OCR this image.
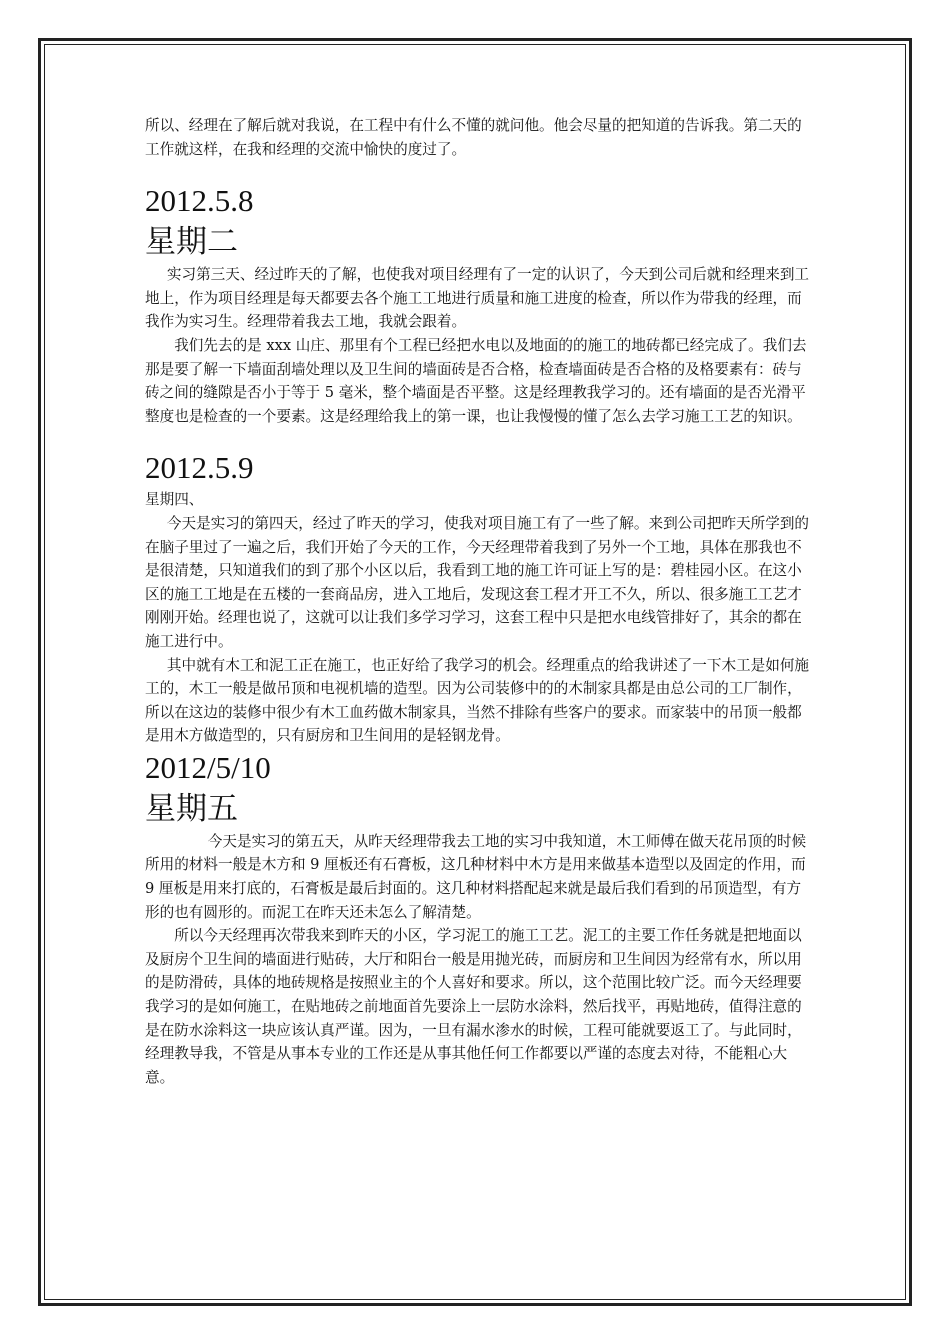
所以、经理在了解后就对我说，在工程中有什么不懂的就问他。他会尽量的把知道的告诉我。第二天的工作就这样，在我和经理的交流中愉快的度过了。

2012.5.8
星期二

实习第三天、经过昨天的了解，也使我对项目经理有了一定的认识了，今天到公司后就和经理来到工地上，作为项目经理是每天都要去各个施工工地进行质量和施工进度的检查，所以作为带我的经理，而我作为实习生。经理带着我去工地，我就会跟着。

我们先去的是 xxx 山庄、那里有个工程已经把水电以及地面的的施工的地砖都已经完成了。我们去那是要了解一下墙面刮墙处理以及卫生间的墙面砖是否合格，检查墙面砖是否合格的及格要素有：砖与砖之间的缝隙是否小于等于 5 毫米，整个墙面是否平整。这是经理教我学习的。还有墙面的是否光滑平整度也是检查的一个要素。这是经理给我上的第一课，也让我慢慢的懂了怎么去学习施工工艺的知识。

2012.5.9

星期四、

今天是实习的第四天，经过了昨天的学习，使我对项目施工有了一些了解。来到公司把昨天所学到的在脑子里过了一遍之后，我们开始了今天的工作，今天经理带着我到了另外一个工地，具体在那我也不是很清楚，只知道我们的到了那个小区以后，我看到工地的施工许可证上写的是：碧桂园小区。在这小区的施工工地是在五楼的一套商品房，进入工地后，发现这套工程才开工不久，所以、很多施工工艺才刚刚开始。经理也说了，这就可以让我们多学习学习，这套工程中只是把水电线管排好了，其余的都在施工进行中。

其中就有木工和泥工正在施工，也正好给了我学习的机会。经理重点的给我讲述了一下木工是如何施工的，木工一般是做吊顶和电视机墙的造型。因为公司装修中的的木制家具都是由总公司的工厂制作，所以在这边的装修中很少有木工血药做木制家具，当然不排除有些客户的要求。而家装中的吊顶一般都是用木方做造型的，只有厨房和卫生间用的是轻钢龙骨。

2012/5/10
星期五

今天是实习的第五天，从昨天经理带我去工地的实习中我知道，木工师傅在做天花吊顶的时候所用的材料一般是木方和 9 厘板还有石膏板，这几种材料中木方是用来做基本造型以及固定的作用，而 9 厘板是用来打底的，石膏板是最后封面的。这几种材料搭配起来就是最后我们看到的吊顶造型，有方形的也有圆形的。而泥工在昨天还未怎么了解清楚。

所以今天经理再次带我来到昨天的小区，学习泥工的施工工艺。泥工的主要工作任务就是把地面以及厨房个卫生间的墙面进行贴砖，大厅和阳台一般是用抛光砖，而厨房和卫生间因为经常有水，所以用的是防滑砖，具体的地砖规格是按照业主的个人喜好和要求。所以，这个范围比较广泛。而今天经理要我学习的是如何施工，在贴地砖之前地面首先要涂上一层防水涂料，然后找平，再贴地砖，值得注意的是在防水涂料这一块应该认真严谨。因为，一旦有漏水渗水的时候，工程可能就要返工了。与此同时，经理教导我，不管是从事本专业的工作还是从事其他任何工作都要以严谨的态度去对待，不能粗心大意。
